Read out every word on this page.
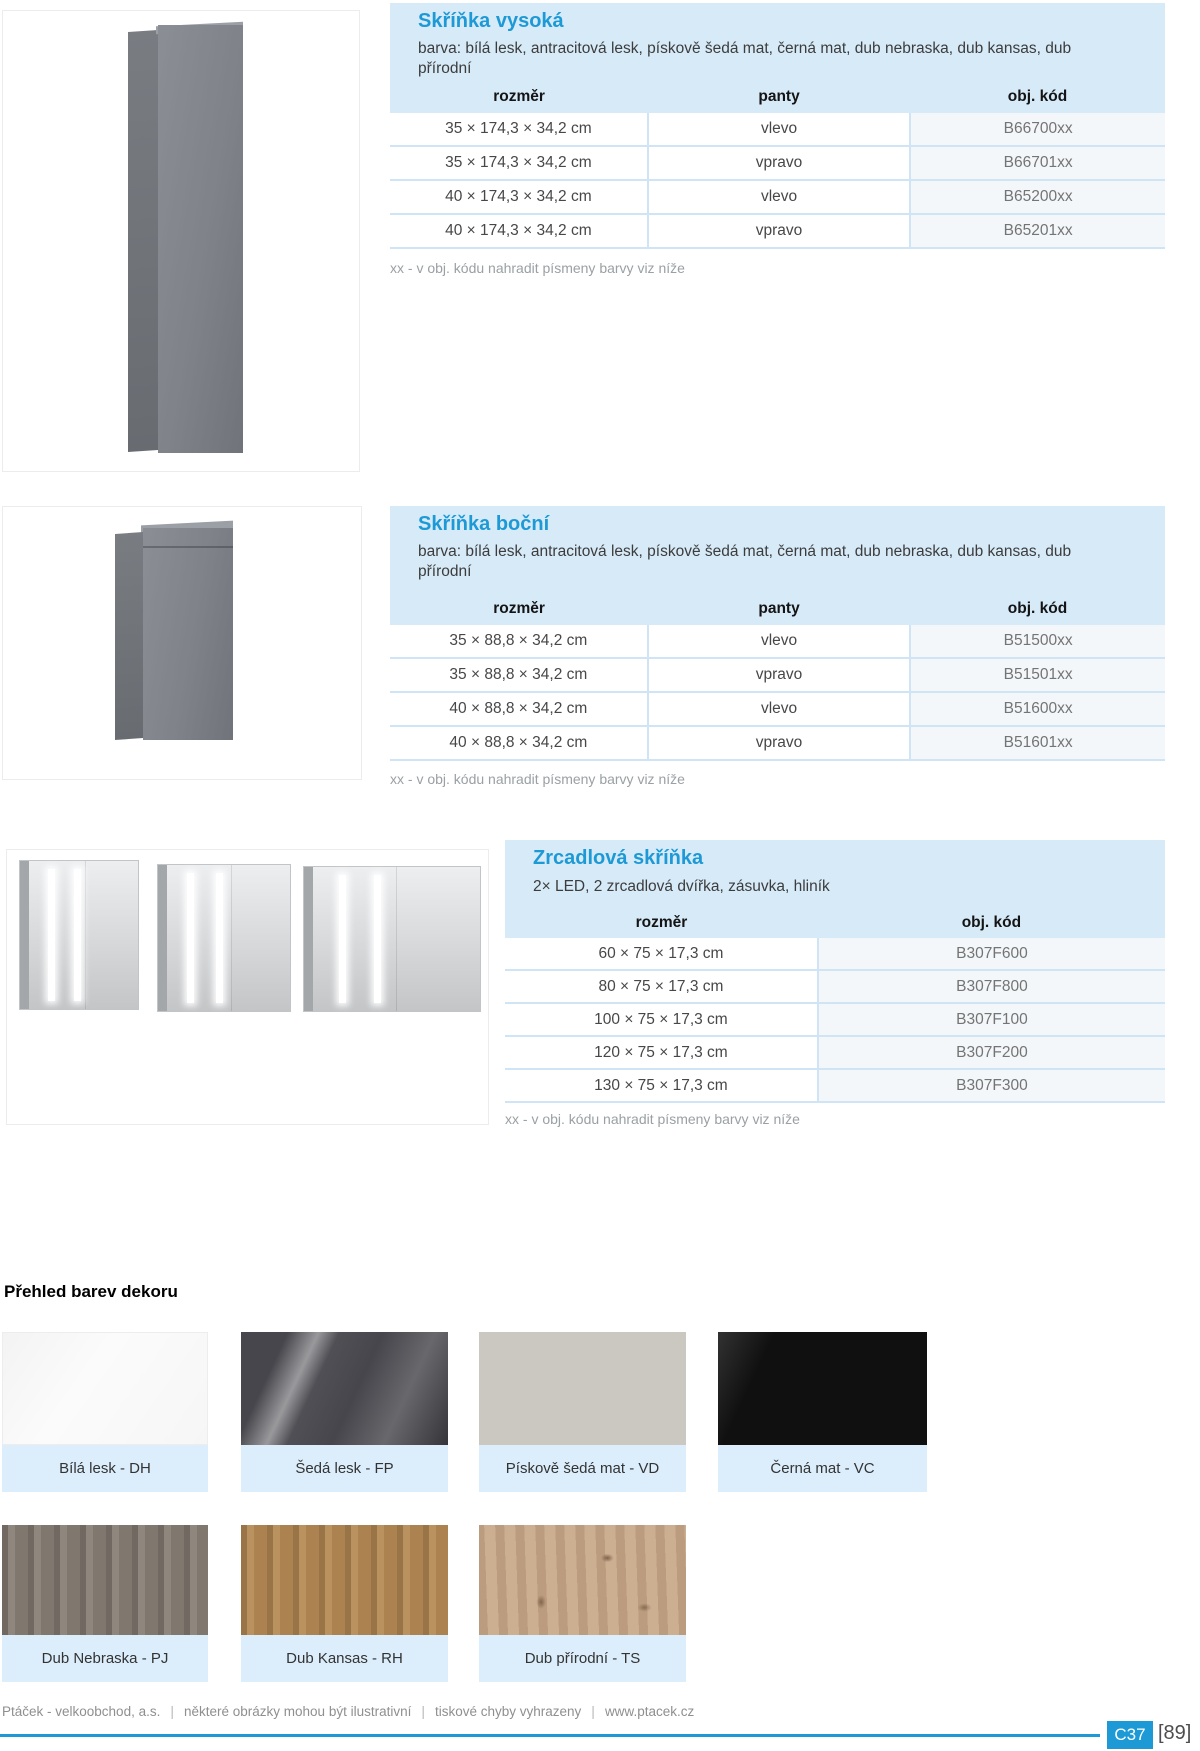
Skříňka vysoká
barva: bílá lesk, antracitová lesk, pískově šedá mat, černá mat, dub nebraska, dub kansas, dub přírodní
rozměr	panty	obj. kód
35 × 174,3 × 34,2 cm	vlevo	B66700xx
35 × 174,3 × 34,2 cm	vpravo	B66701xx
40 × 174,3 × 34,2 cm	vlevo	B65200xx
40 × 174,3 × 34,2 cm	vpravo	B65201xx
xx - v obj. kódu nahradit písmeny barvy viz níže
Skříňka boční
barva: bílá lesk, antracitová lesk, pískově šedá mat, černá mat, dub nebraska, dub kansas, dub přírodní
rozměr	panty	obj. kód
35 × 88,8 × 34,2 cm	vlevo	B51500xx
35 × 88,8 × 34,2 cm	vpravo	B51501xx
40 × 88,8 × 34,2 cm	vlevo	B51600xx
40 × 88,8 × 34,2 cm	vpravo	B51601xx
xx - v obj. kódu nahradit písmeny barvy viz níže
Zrcadlová skříňka
2× LED, 2 zrcadlová dvířka, zásuvka, hliník
rozměr	obj. kód
60 × 75 × 17,3 cm	B307F600
80 × 75 × 17,3 cm	B307F800
100 × 75 × 17,3 cm	B307F100
120 × 75 × 17,3 cm	B307F200
130 × 75 × 17,3 cm	B307F300
xx - v obj. kódu nahradit písmeny barvy viz níže
Přehled barev dekoru
Bílá lesk - DH	Šedá lesk - FP	Pískově šedá mat - VD	Černá mat - VC
Dub Nebraska - PJ	Dub Kansas - RH	Dub přírodní - TS
Ptáček - velkoobchod, a.s. | některé obrázky mohou být ilustrativní | tiskové chyby vyhrazeny | www.ptacek.cz
C37 [89]
